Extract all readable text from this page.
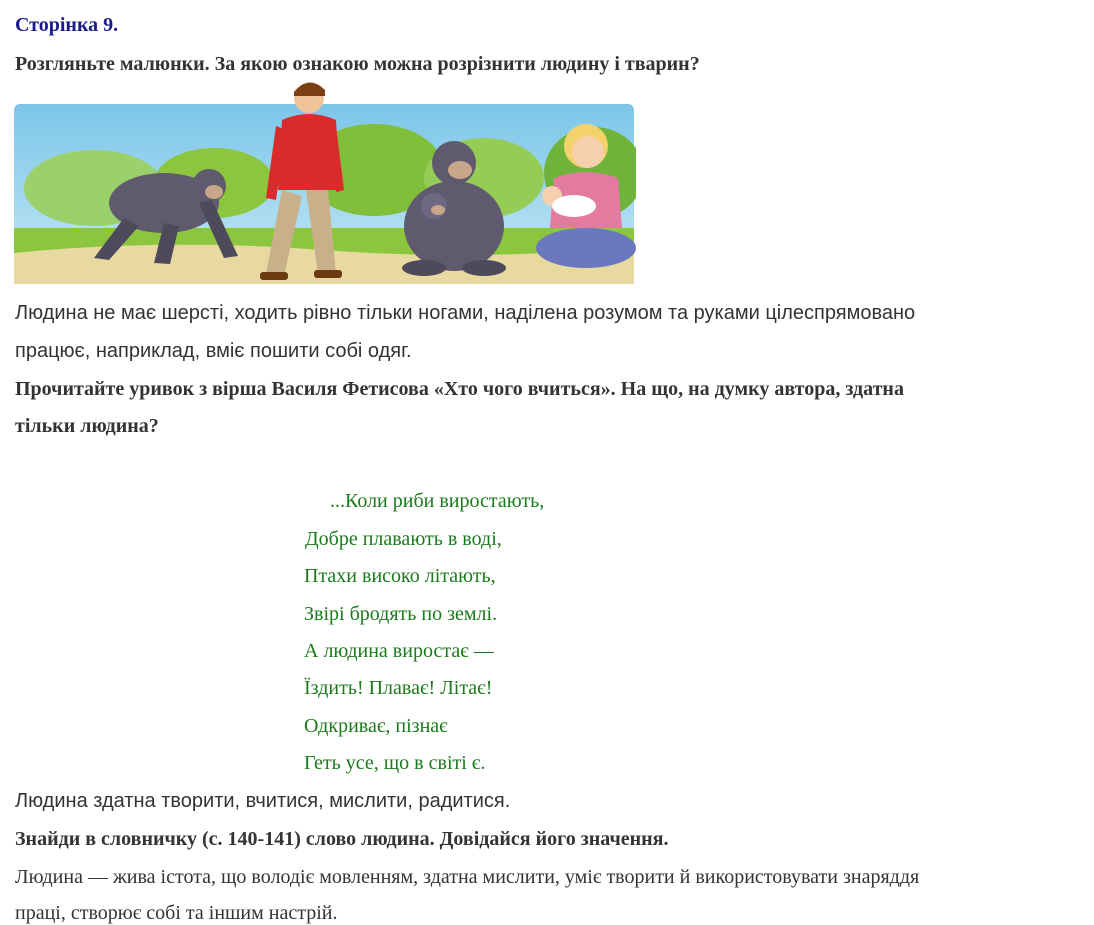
Сторінка 9.
Розгляньте малюнки. За якою ознакою можна розрізнити людину і тварин?
Людина не має шерсті, ходить рівно тільки ногами, наділена розумом та руками цілеспрямовано
працює, наприклад, вміє пошити собі одяг.
Прочитайте уривок з вірша Василя Фетисова «Хто чого вчиться». На що, на думку автора, здатна
тільки людина?
...Коли риби виростають,
Добре плавають в воді,
Птахи високо літають,
Звірі бродять по землі.
А людина виростає —
Їздить! Плаває! Літає!
Одкриває, пізнає
Геть усе, що в світі є.
Людина здатна творити, вчитися, мислити, радитися.
Знайди в словничку (с. 140-141) слово людина. Довідайся його значення.
Людина — жива істота, що володіє мовленням, здатна мислити, уміє творити й використовувати знаряддя
праці, створює собі та іншим настрій.
